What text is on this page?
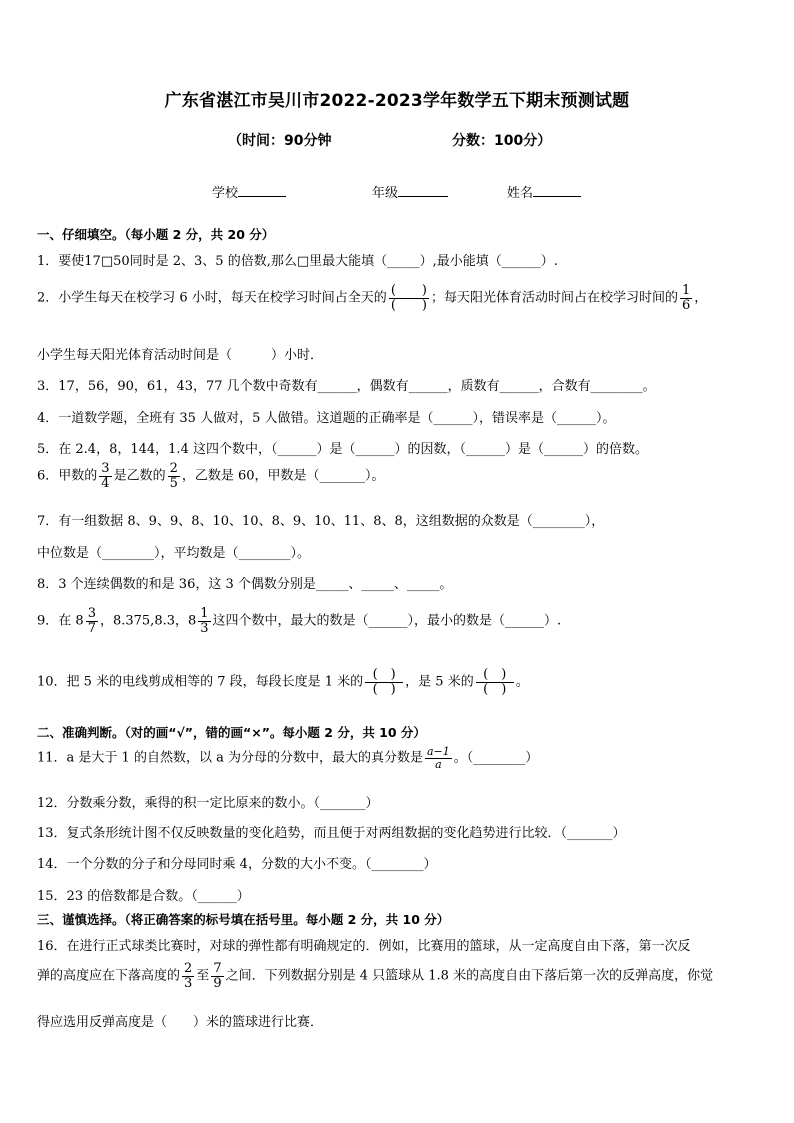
广东省湛江市吴川市2022-2023学年数学五下期末预测试题
（时间：90分钟	分数：100分）
学校	年级	姓名
一、仔细填空。（每小题 2 分，共 20 分）
1．要使17□50同时是 2、3、5 的倍数,那么□里最大能填（_____）,最小能填（______）.
2．小学生每天在校学习 6 小时，每天在校学习时间占全天的 $\frac{( )}{( )}$ ；每天阳光体育活动时间占在校学习时间的 $\frac{1}{6}$ ，
小学生每天阳光体育活动时间是（　　　）小时．
3．17，56，90，61，43，77 几个数中奇数有______，偶数有______，质数有______，合数有________。
4．一道数学题，全班有 35 人做对，5 人做错。这道题的正确率是（______），错误率是（______）。
5．在 2.4，8，144，1.4 这四个数中，（______）是（______）的因数，（______）是（______）的倍数。
6．甲数的 $\frac{3}{4}$ 是乙数的 $\frac{2}{5}$ ，乙数是 60，甲数是（_______）。
7．有一组数据 8、9、9、8、10、10、8、9、10、11、8、8，这组数据的众数是（________），
中位数是（________），平均数是（________）。
8．3 个连续偶数的和是 36，这 3 个偶数分别是_____、_____、_____。
9．在 $8 \frac{3}{7}$ ，8.375,8.3，$8 \frac{1}{3}$ 这四个数中，最大的数是（______），最小的数是（______）.
10．把 5 米的电线剪成相等的 7 段，每段长度是 1 米的 $\frac{( )}{( )}$ ，是 5 米的 $\frac{( )}{( )}$ 。
二、准确判断。（对的画“√”，错的画“×”。每小题 2 分，共 10 分）
11．a 是大于 1 的自然数，以 a 为分母的分数中，最大的真分数是 $\frac{a-1}{a}$ 。（________）
12．分数乘分数，乘得的积一定比原来的数小。（_______）
13．复式条形统计图不仅反映数量的变化趋势，而且便于对两组数据的变化趋势进行比较．（_______）
14．一个分数的分子和分母同时乘 4，分数的大小不变。（________）
15．23 的倍数都是合数。（______）
三、谨慎选择。（将正确答案的标号填在括号里。每小题 2 分，共 10 分）
16．在进行正式球类比赛时，对球的弹性都有明确规定的．例如，比赛用的篮球，从一定高度自由下落，第一次反
弹的高度应在下落高度的 $\frac{2}{3}$ 至 $\frac{7}{9}$ 之间．下列数据分别是 4 只篮球从 1.8 米的高度自由下落后第一次的反弹高度，你觉
得应选用反弹高度是（　　）米的篮球进行比赛．
